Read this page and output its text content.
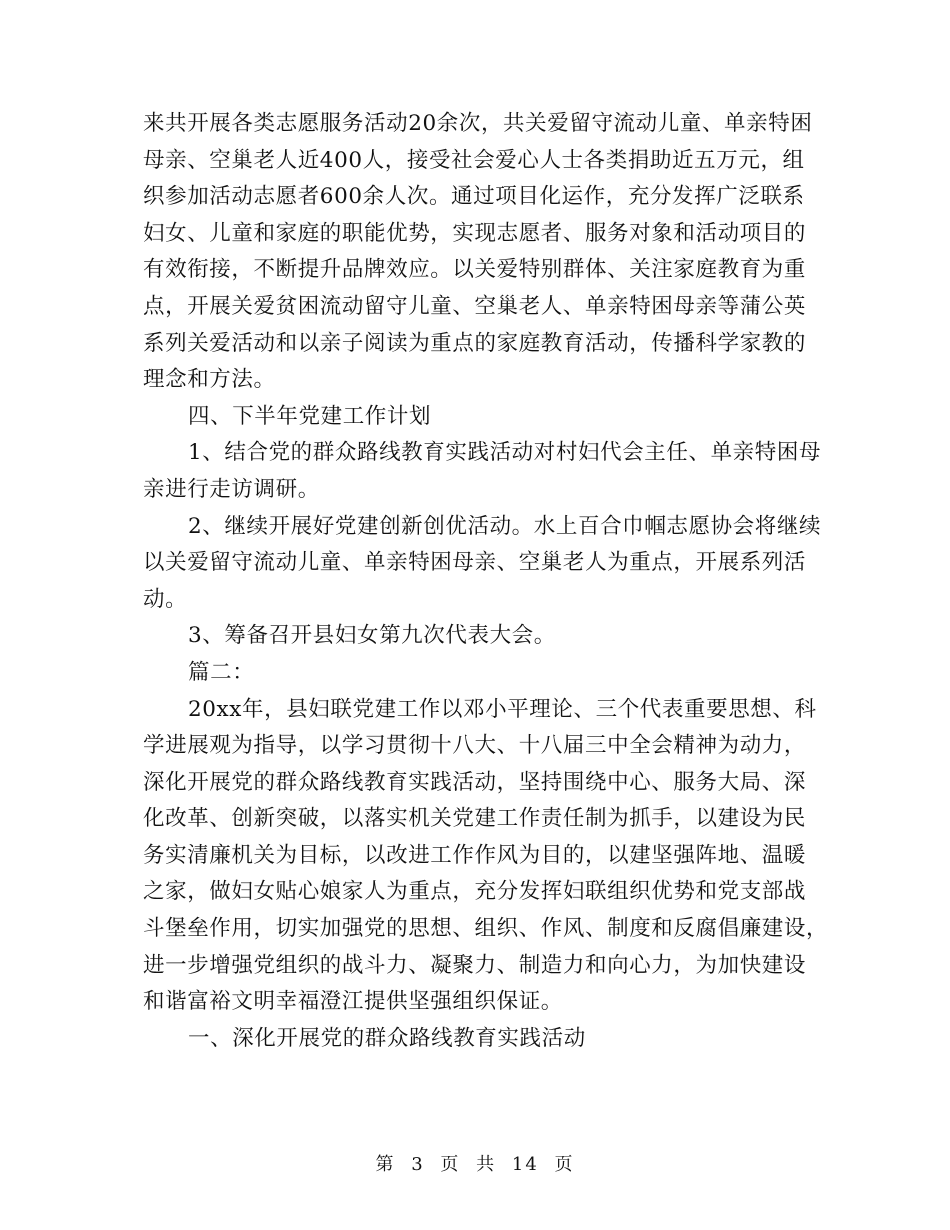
来共开展各类志愿服务活动20余次，共关爱留守流动儿童、单亲特困
母亲、空巢老人近400人，接受社会爱心人士各类捐助近五万元，组
织参加活动志愿者600余人次。通过项目化运作，充分发挥广泛联系
妇女、儿童和家庭的职能优势，实现志愿者、服务对象和活动项目的
有效衔接，不断提升品牌效应。以关爱特别群体、关注家庭教育为重
点，开展关爱贫困流动留守儿童、空巢老人、单亲特困母亲等蒲公英
系列关爱活动和以亲子阅读为重点的家庭教育活动，传播科学家教的
理念和方法。
四、下半年党建工作计划
1、结合党的群众路线教育实践活动对村妇代会主任、单亲特困母
亲进行走访调研。
2、继续开展好党建创新创优活动。水上百合巾帼志愿协会将继续
以关爱留守流动儿童、单亲特困母亲、空巢老人为重点，开展系列活
动。
3、筹备召开县妇女第九次代表大会。
篇二：
20xx年，县妇联党建工作以邓小平理论、三个代表重要思想、科
学进展观为指导，以学习贯彻十八大、十八届三中全会精神为动力，
深化开展党的群众路线教育实践活动，坚持围绕中心、服务大局、深
化改革、创新突破，以落实机关党建工作责任制为抓手，以建设为民
务实清廉机关为目标，以改进工作作风为目的，以建坚强阵地、温暖
之家，做妇女贴心娘家人为重点，充分发挥妇联组织优势和党支部战
斗堡垒作用，切实加强党的思想、组织、作风、制度和反腐倡廉建设，
进一步增强党组织的战斗力、凝聚力、制造力和向心力，为加快建设
和谐富裕文明幸福澄江提供坚强组织保证。
一、深化开展党的群众路线教育实践活动
第 3 页 共 14 页
